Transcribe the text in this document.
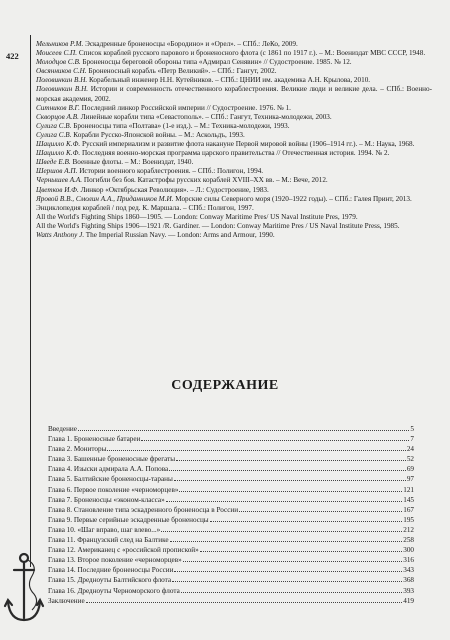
422

Мельников Р.М. Эскадренные броненосцы «Бородино» и «Орел». – СПб.: ЛеКо, 2009.

Моисеев С.П. Список кораблей русского парового и броненосного флота (с 1861 по 1917 г.). – М.: Воениздат МВС СССР, 1948.

Молодцов С.В. Броненосцы береговой обороны типа «Адмирал Сенявин» // Судостроение. 1985. № 12.

Овсянников С.Н. Броненосный корабль «Петр Великий». – СПб.: Гангут, 2002.

Половинкин В.Н. Корабельный инженер Н.Н. Кутейников. – СПб.: ЦНИИ им. академика А.Н. Крылова, 2010.

Половинкин В.Н. Истории и современность отечественного кораблестроения. Великие люди и великие дела. – СПб.: Военно-морская академия, 2002.

Ситников В.Г. Последний линкор Российской империи // Судостроение. 1976. № 1.

Скворцов А.В. Линейные корабли типа «Севастополь». – СПб.: Гангут, Техника-молодежи, 2003.

Сулига С.В. Броненосцы типа «Полтава» (1-е изд.). – М.: Техника-молодежи, 1993.

Сулига С.В. Корабли Русско-Японской войны. – М.: Аскольдъ, 1993.

Шацилло К.Ф. Русский империализм и развитие флота накануне Первой мировой войны (1906–1914 гг.). – М.: Наука, 1968.

Шацилло К.Ф. Последняя военно-морская программа царского правительства // Отечественная история. 1994. № 2.

Шведе Е.В. Военные флоты. – М.: Воениздат, 1940.

Шершов А.П. Истории военного кораблестроения. – СПб.: Полигон, 1994.

Чернышев А.А. Погибли без боя. Катастрофы русских кораблей XVIII–XX вв. – М.: Вече, 2012.

Цветков И.Ф. Линкор «Октябрьская Революция». – Л.: Судостроение, 1983.

Яровой В.В., Смолин А.А., Приданников М.И. Морские силы Северного моря (1920–1922 годы). – СПб.: Галея Принт, 2013.

Энциклопедия кораблей / под ред. К. Маршала. – СПб.: Полигон, 1997.

All the World's Fighting Ships 1860—1905. — London: Conway Maritime Pres/ US Naval Institute Pres, 1979.

All the World's Fighting Ships 1906—1921 /R. Gardiner. — London: Conway Maritime Pres / US Naval Institute Press, 1985.

Watts Anthony J. The Imperial Russian Navy. — London: Arms and Armour, 1990.

СОДЕРЖАНИЕ
Введение	5
Глава 1. Броненосные батареи	7
Глава 2. Мониторы	24
Глава 3. Башенные броненосные фрегаты	52
Глава 4. Изыски адмирала А.А. Попова	69
Глава 5. Балтийские броненосцы-тараны	97
Глава 6. Первое поколение «черноморцев»	121
Глава 7. Броненосцы «эконом-класса»	145
Глава 8. Становление типа эскадренного броненосца в России	167
Глава 9. Первые серийные эскадренные броненосцы	195
Глава 10. «Шаг вправо, шаг влево...»	212
Глава 11. Французский след на Балтике	258
Глава 12. Американец с «российской пропиской»	300
Глава 13. Второе поколение «черноморцев»	316
Глава 14. Последние броненосцы России	343
Глава 15. Дредноуты Балтийского флота	368
Глава 16. Дредноуты Черноморского флота	393
Заключение	419
